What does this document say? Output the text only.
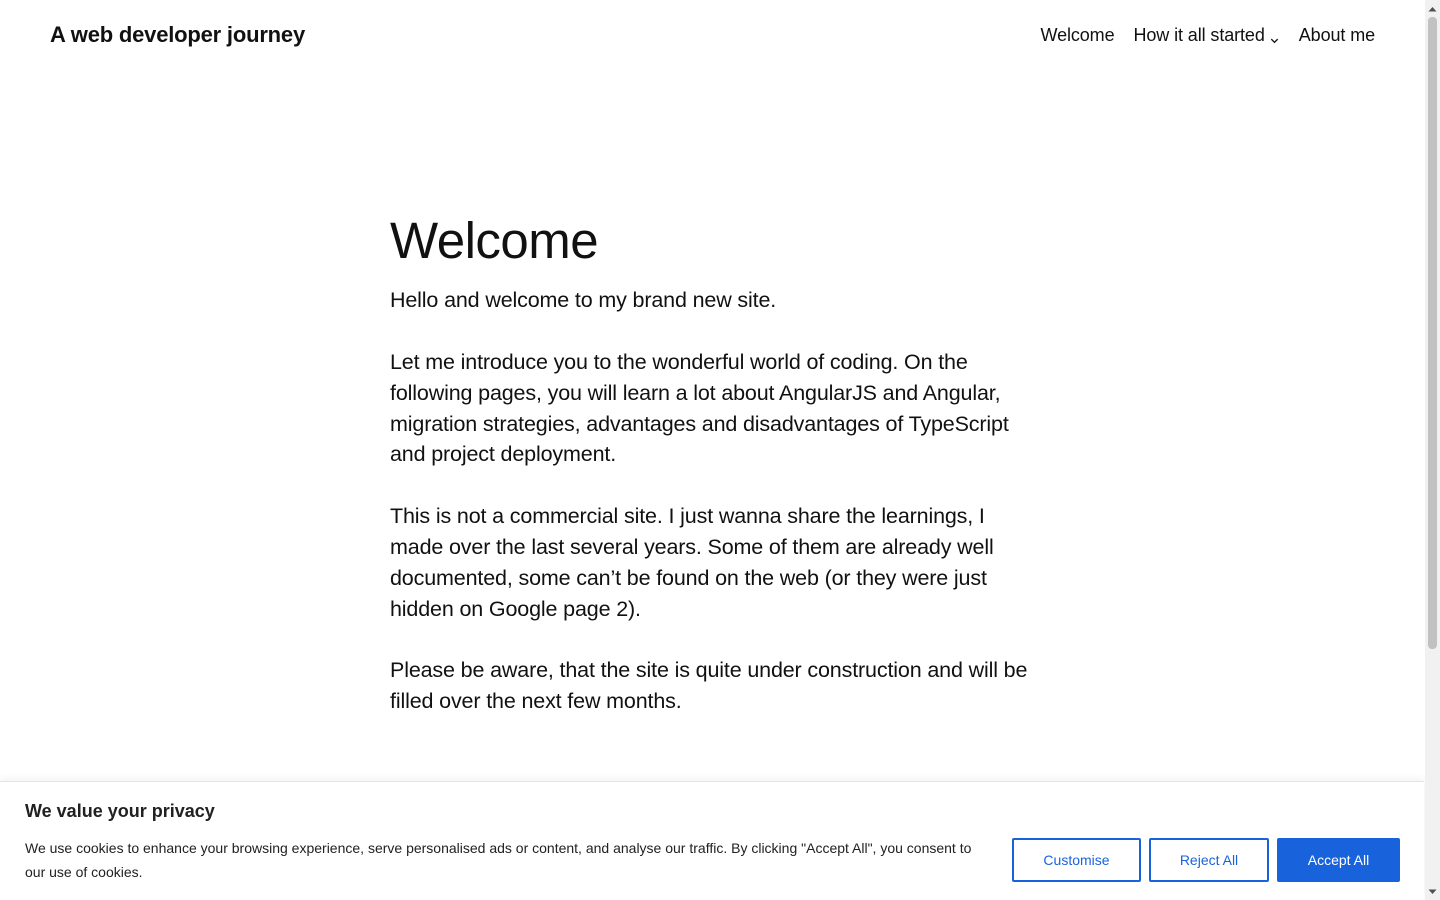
A web developer journey	Welcome How it all started About me
Welcome

Hello and welcome to my brand new site.

Let me introduce you to the wonderful world of coding. On the following pages, you will learn a lot about AngularJS and Angular, migration strategies, advantages and disadvantages of TypeScript and project deployment.

This is not a commercial site. I just wanna share the learnings, I made over the last several years. Some of them are already well documented, some can’t be found on the web (or they were just hidden on Google page 2).

Please be aware, that the site is quite under construction and will be filled over the next few months.

We value your privacy
We use cookies to enhance your browsing experience, serve personalised ads or content, and analyse our traffic. By clicking "Accept All", you consent to our use of cookies.
Customise	Reject All	Accept All
